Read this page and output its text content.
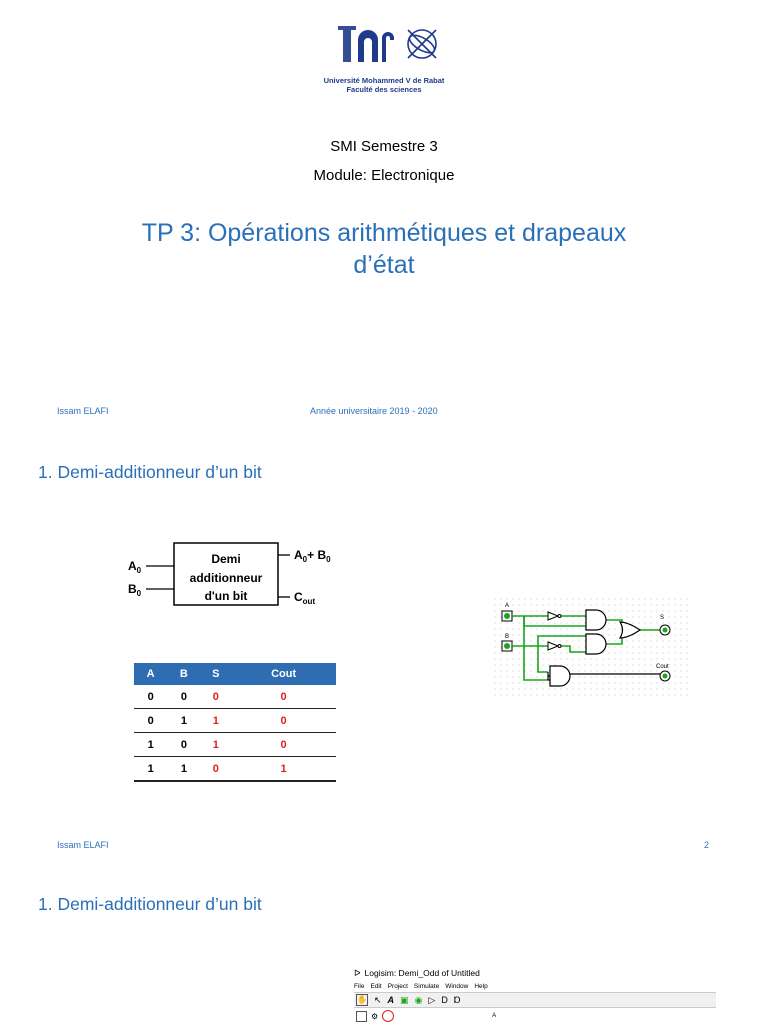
Université Mohammed V de Rabat
Faculté des sciences
SMI Semestre 3
Module: Electronique
TP 3: Opérations arithmétiques et drapeaux
d’état
Issam ELAFI	Année universitaire 2019 - 2020
1. Demi-additionneur d’un bit
Demi
additionneur
d'un bit
$A_0$
$B_0$
$A_0+ B_0$
$C_{out}$
A	B	S	Cout
0	0	0	0
0	1	1	0
1	0	1	0
1	1	0	1
A
B
S
Cout
Issam ELAFI	2
1. Demi-additionneur d’un bit
ᐅ Logisim: Demi_Odd of Untitled
File Edit Project Simulate Window Help
✋ ↖ A ▣ ◉ ▷ D Ɒ
⚙	A
